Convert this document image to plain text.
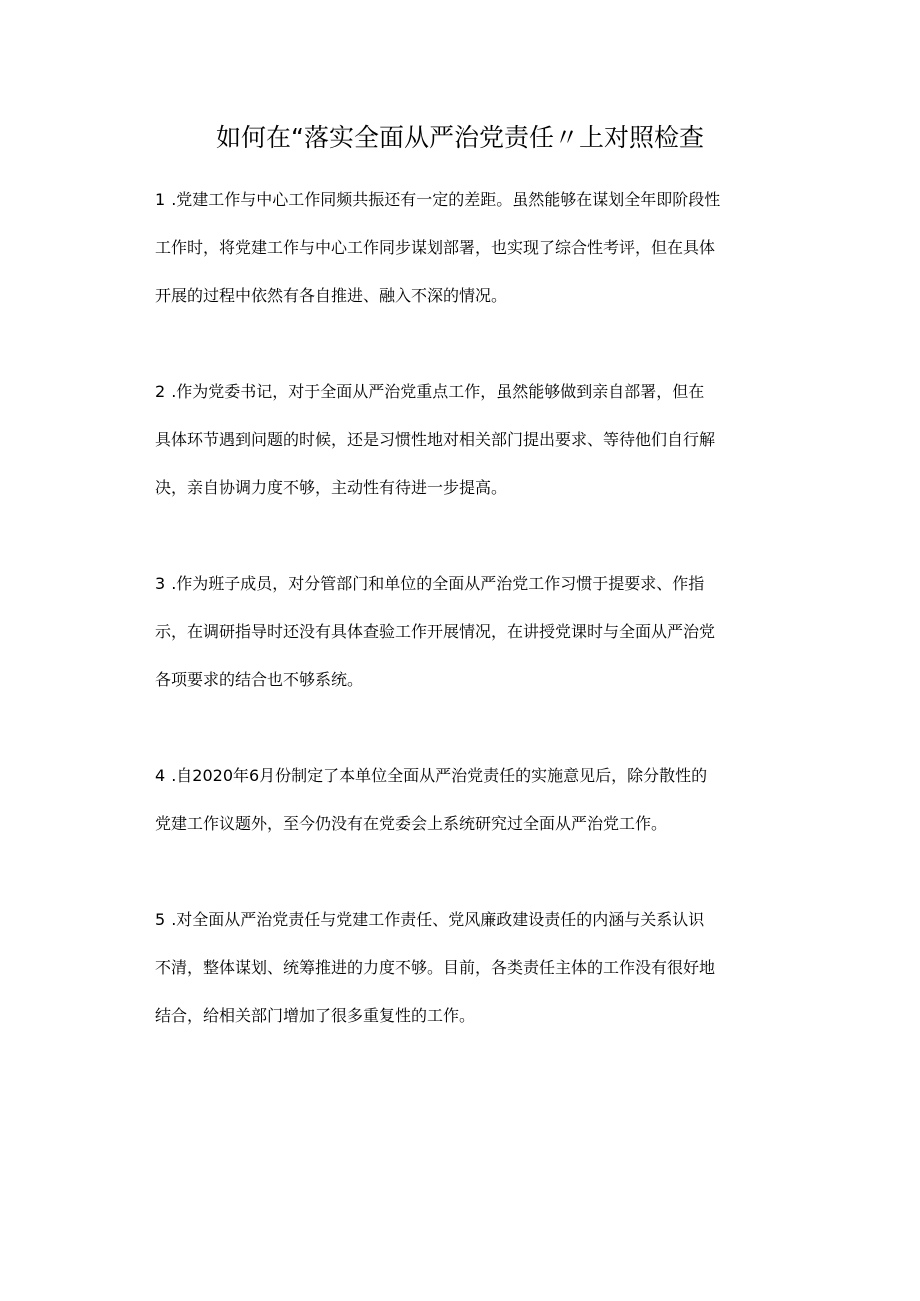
如何在“落实全面从严治党责任〃上对照检查
1 .党建工作与中心工作同频共振还有一定的差距。虽然能够在谋划全年即阶段性
工作时，将党建工作与中心工作同步谋划部署，也实现了综合性考评，但在具体
开展的过程中依然有各自推进、融入不深的情况。
2 .作为党委书记，对于全面从严治党重点工作，虽然能够做到亲自部署，但在
具体环节遇到问题的时候，还是习惯性地对相关部门提出要求、等待他们自行解
决，亲自协调力度不够，主动性有待进一步提高。
3 .作为班子成员，对分管部门和单位的全面从严治党工作习惯于提要求、作指
示，在调研指导时还没有具体查验工作开展情况，在讲授党课时与全面从严治党
各项要求的结合也不够系统。
4 .自2020年6月份制定了本单位全面从严治党责任的实施意见后，除分散性的
党建工作议题外，至今仍没有在党委会上系统研究过全面从严治党工作。
5 .对全面从严治党责任与党建工作责任、党风廉政建设责任的内涵与关系认识
不清，整体谋划、统筹推进的力度不够。目前，各类责任主体的工作没有很好地
结合，给相关部门增加了很多重复性的工作。
